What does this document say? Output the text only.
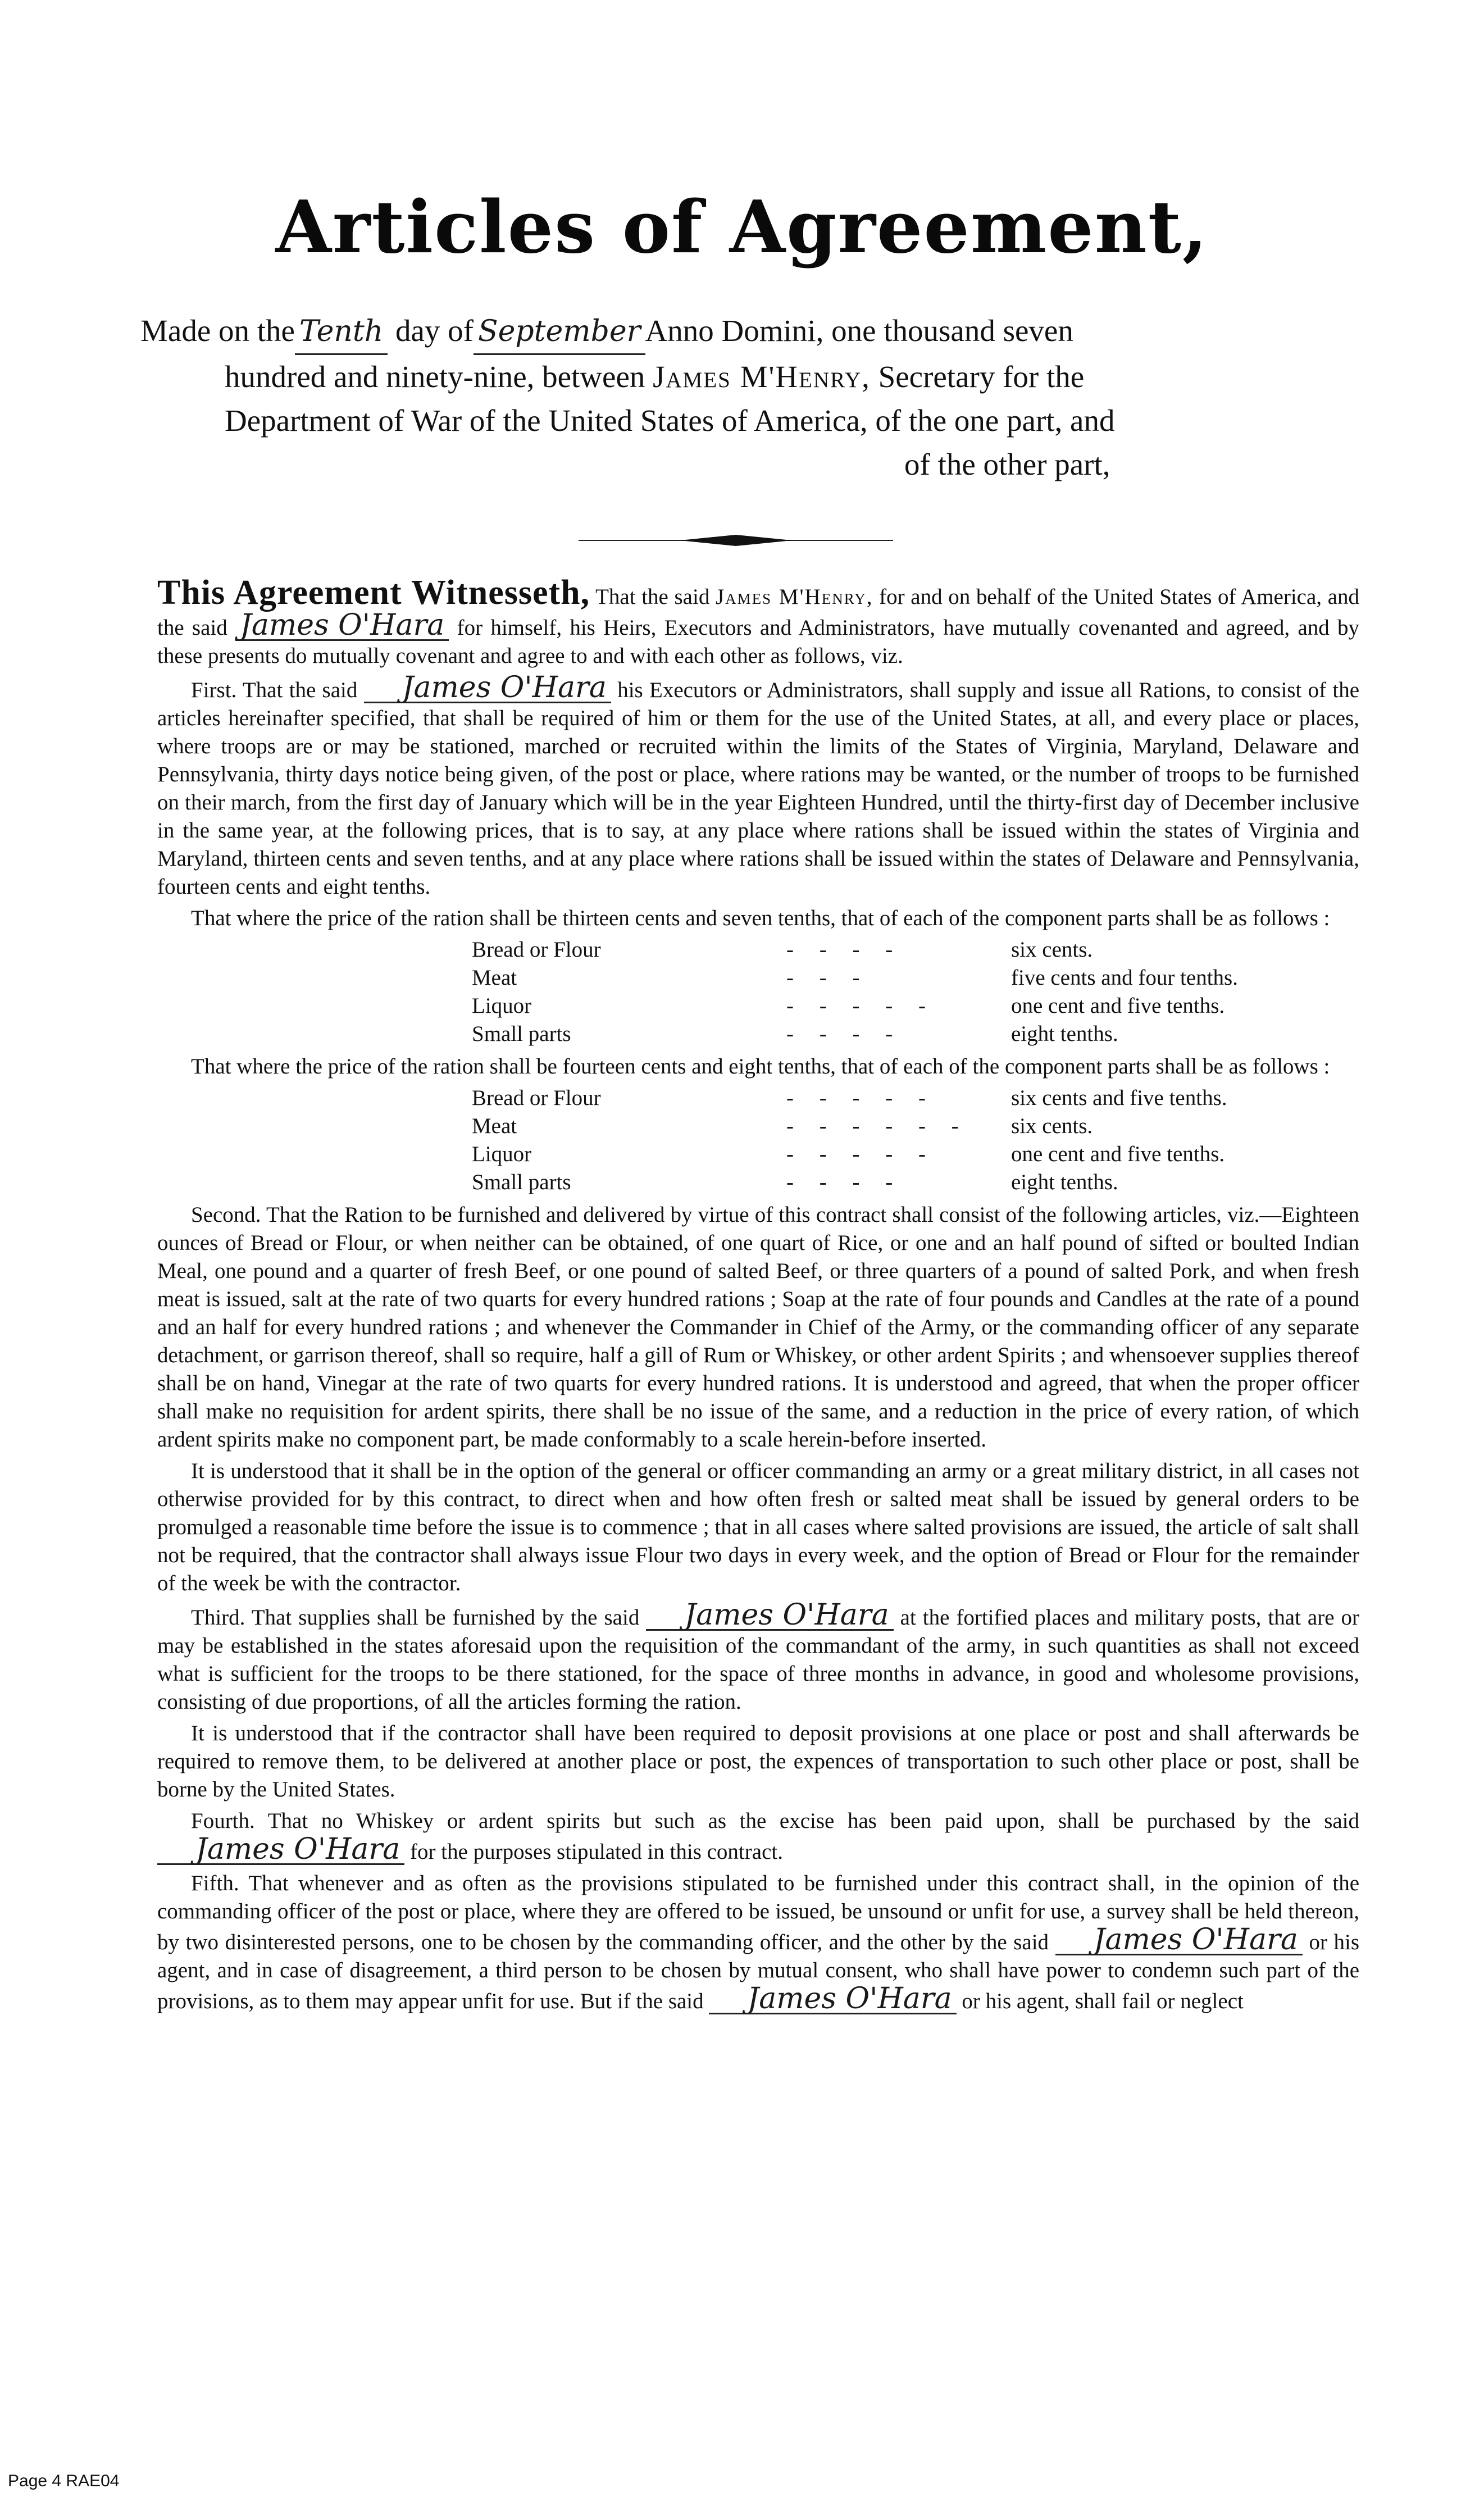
Articles of Agreement,
Made on the Tenth day of September Anno Domini, one thousand seven
hundred and ninety-nine, between James M'Henry, Secretary for the
Department of War of the United States of America, of the one part, and
of the other part,

This Agreement Witnesseth, That the said James M'Henry, for and on behalf of the United States of America, and the said James O'Hara for himself, his Heirs, Executors and Administrators, have mutually covenanted and agreed, and by these presents do mutually covenant and agree to and with each other as follows, viz.

First. That the said James O'Hara his Executors or Administrators, shall supply and issue all Rations, to consist of the articles hereinafter specified, that shall be required of him or them for the use of the United States, at all, and every place or places, where troops are or may be stationed, marched or recruited within the limits of the States of Virginia, Maryland, Delaware and Pennsylvania, thirty days notice being given, of the post or place, where rations may be wanted, or the number of troops to be furnished on their march, from the first day of January which will be in the year Eighteen Hundred, until the thirty-first day of December inclusive in the same year, at the following prices, that is to say, at any place where rations shall be issued within the states of Virginia and Maryland, thirteen cents and seven tenths, and at any place where rations shall be issued within the states of Delaware and Pennsylvania, fourteen cents and eight tenths.

That where the price of the ration shall be thirteen cents and seven tenths, that of each of the component parts shall be as follows :

Bread or Flour	- - - -	six cents.
Meat	- - -	five cents and four tenths.
Liquor	- - - - -	one cent and five tenths.
Small parts	- - - -	eight tenths.

That where the price of the ration shall be fourteen cents and eight tenths, that of each of the component parts shall be as follows :

Bread or Flour	- - - - -	six cents and five tenths.
Meat	- - - - - -	six cents.
Liquor	- - - - -	one cent and five tenths.
Small parts	- - - -	eight tenths.

Second. That the Ration to be furnished and delivered by virtue of this contract shall consist of the following articles, viz.—Eighteen ounces of Bread or Flour, or when neither can be obtained, of one quart of Rice, or one and an half pound of sifted or boulted Indian Meal, one pound and a quarter of fresh Beef, or one pound of salted Beef, or three quarters of a pound of salted Pork, and when fresh meat is issued, salt at the rate of two quarts for every hundred rations ; Soap at the rate of four pounds and Candles at the rate of a pound and an half for every hundred rations ; and whenever the Commander in Chief of the Army, or the commanding officer of any separate detachment, or garrison thereof, shall so require, half a gill of Rum or Whiskey, or other ardent Spirits ; and whensoever supplies thereof shall be on hand, Vinegar at the rate of two quarts for every hundred rations. It is understood and agreed, that when the proper officer shall make no requisition for ardent spirits, there shall be no issue of the same, and a reduction in the price of every ration, of which ardent spirits make no component part, be made conformably to a scale herein-before inserted.

It is understood that it shall be in the option of the general or officer commanding an army or a great military district, in all cases not otherwise provided for by this contract, to direct when and how often fresh or salted meat shall be issued by general orders to be promulged a reasonable time before the issue is to commence ; that in all cases where salted provisions are issued, the article of salt shall not be required, that the contractor shall always issue Flour two days in every week, and the option of Bread or Flour for the remainder of the week be with the contractor.

Third. That supplies shall be furnished by the said James O'Hara at the fortified places and military posts, that are or may be established in the states aforesaid upon the requisition of the commandant of the army, in such quantities as shall not exceed what is sufficient for the troops to be there stationed, for the space of three months in advance, in good and wholesome provisions, consisting of due proportions, of all the articles forming the ration.

It is understood that if the contractor shall have been required to deposit provisions at one place or post and shall afterwards be required to remove them, to be delivered at another place or post, the expences of transportation to such other place or post, shall be borne by the United States.

Fourth. That no Whiskey or ardent spirits but such as the excise has been paid upon, shall be purchased by the said James O'Hara for the purposes stipulated in this contract.

Fifth. That whenever and as often as the provisions stipulated to be furnished under this contract shall, in the opinion of the commanding officer of the post or place, where they are offered to be issued, be unsound or unfit for use, a survey shall be held thereon, by two disinterested persons, one to be chosen by the commanding officer, and the other by the said James O'Hara or his agent, and in case of disagreement, a third person to be chosen by mutual consent, who shall have power to condemn such part of the provisions, as to them may appear unfit for use. But if the said James O'Hara or his agent, shall fail or neglect

Page 4 RAE04
